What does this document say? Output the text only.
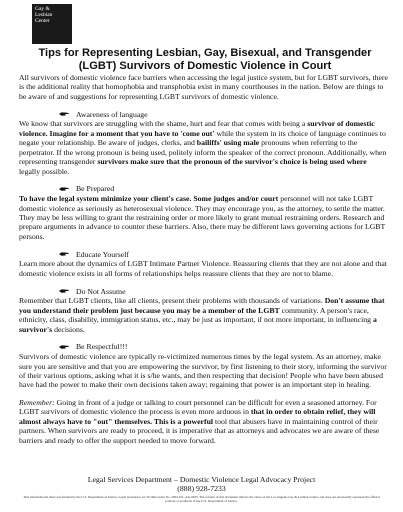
Gay &
Lesbian
Center
Tips for Representing Lesbian, Gay, Bisexual, and Transgender (LGBT) Survivors of Domestic Violence in Court

All survivors of domestic violence face barriers when accessing the legal justice system, but for LGBT survivors, there is the additional reality that homophobia and transphobia exist in many courthouses in the nation. Below are things to be aware of and suggestions for representing LGBT survivors of domestic violence.

Awareness of language

We know that survivors are struggling with the shame, hurt and fear that comes with being a survivor of domestic violence. Imagine for a moment that you have to 'come out' while the system in its choice of language continues to negate your relationship. Be aware of judges, clerks, and bailiffs' using male pronouns when referring to the perpetrator. If the wrong pronoun is being used, politely inform the speaker of the correct pronoun. Additionally, when representing transgender survivors make sure that the pronoun of the survivor's choice is being used where legally possible.

Be Prepared

To have the legal system minimize your client's case. Some judges and/or court personnel will not take LGBT domestic violence as seriously as heterosexual violence. They may encourage you, as the attorney, to settle the matter. They may be less willing to grant the restraining order or more likely to grant mutual restraining orders. Research and prepare arguments in advance to counter these barriers. Also, there may be different laws governing actions for LGBT persons.

Educate Yourself

Learn more about the dynamics of LGBT Intimate Partner Violence. Reassuring clients that they are not alone and that domestic violence exists in all forms of relationships helps reassure clients that they are not to blame.

Do Not Assume

Remember that LGBT clients, like all clients, present their problems with thousands of variations. Don't assume that you understand their problem just because you may be a member of the LGBT community. A person's race, ethnicity, class, disability, immigration status, etc., may be just as important, if not more important, in influencing a survivor's decisions.

Be Respectful!!!

Survivors of domestic violence are typically re-victimized numerous times by the legal system. As an attorney, make sure you are sensitive and that you are empowering the survivor, by first listening to their story, informing the survivor of their various options, asking what it is s/he wants, and then respecting that decision! People who have been abused have had the power to make their own decisions taken away; regaining that power is an important step in healing.

Remember: Going in front of a judge or talking to court personnel can be difficult for even a seasoned attorney. For LGBT survivors of domestic violence the process is even more arduous in that in order to obtain relief, they will almost always have to "out" themselves. This is a powerful tool that abusers have in maintaining control of their partners. When survivors are ready to proceed, it is imperative that as attorneys and advocates we are aware of these barriers and ready to offer the support needed to move forward.

Legal Services Department – Domestic Violence Legal Advocacy Project
(888) 928-7233
This informational sheet was funded by the U.S. Department of Justice, Legal Assistance for Victims Grant No. 2004-WL-AX-0035. The content of this document reflects the views of the Los Angeles Gay & Lesbian Center, and does not necessarily represent the official policies or positions of the U.S. Department of Justice.
